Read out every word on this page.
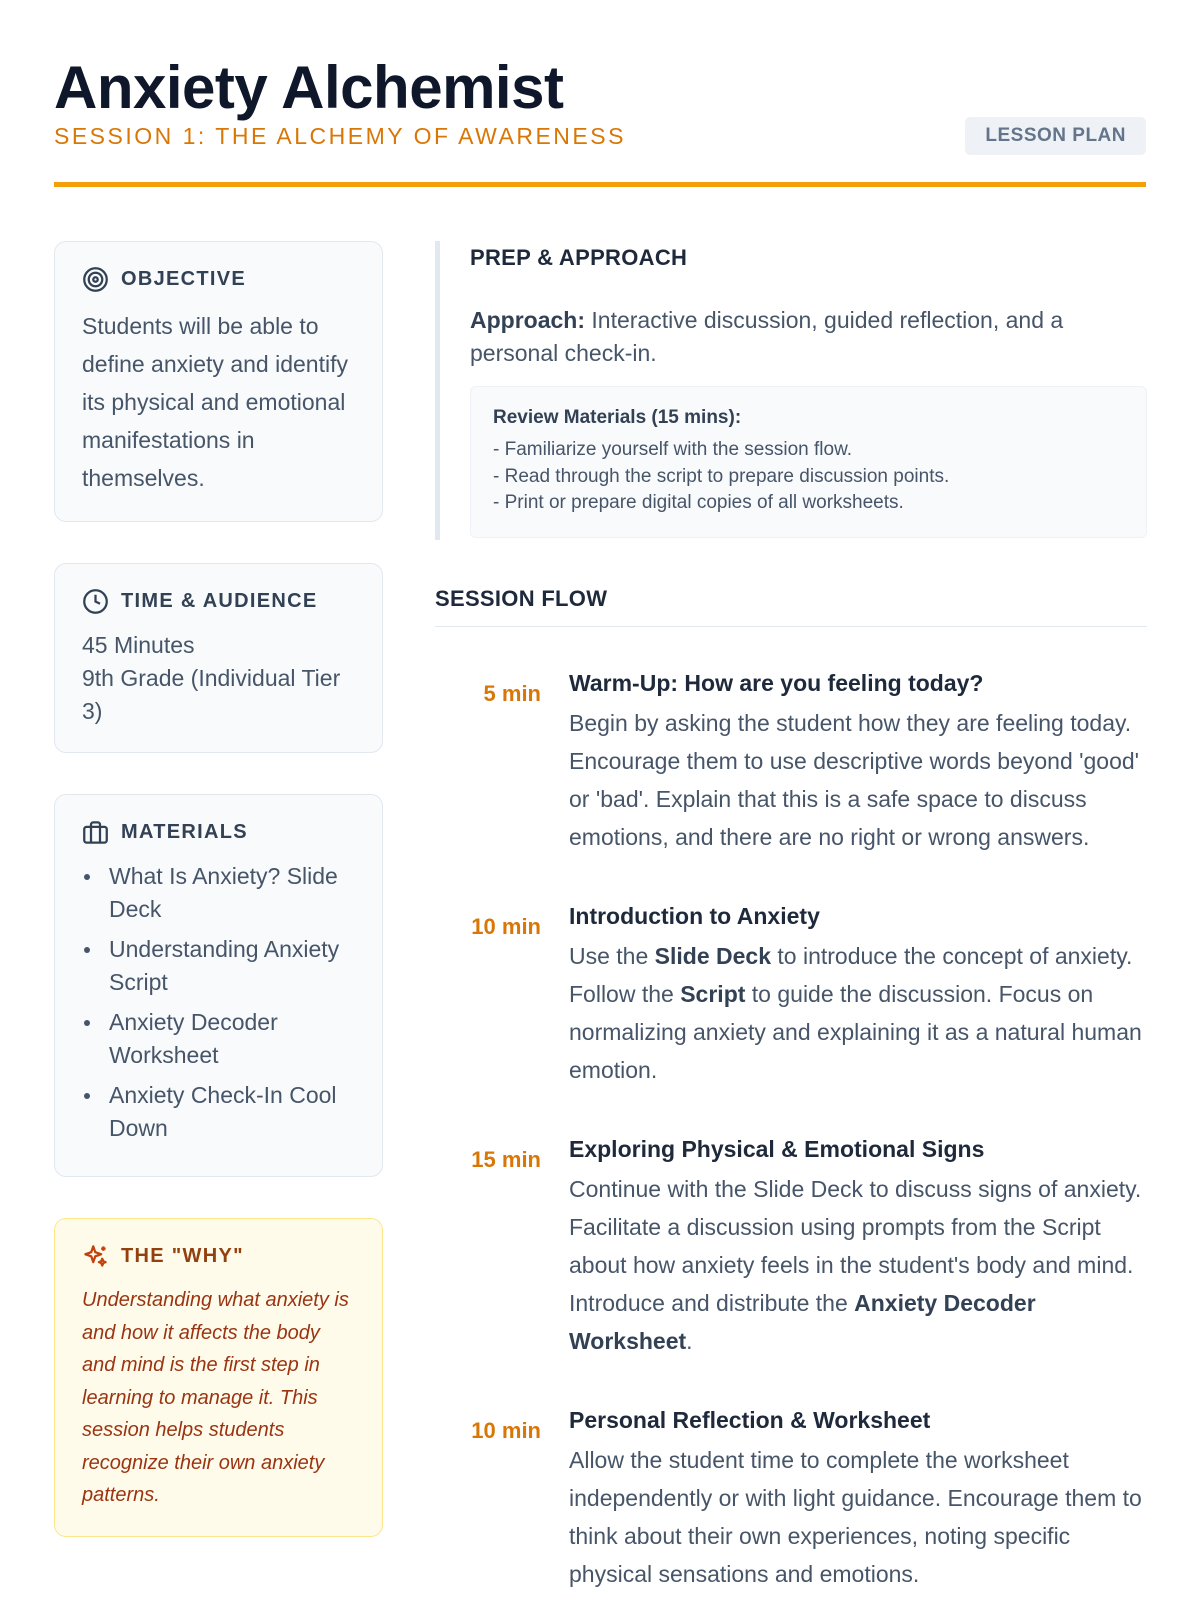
Anxiety Alchemist
SESSION 1: THE ALCHEMY OF AWARENESS	LESSON PLAN
OBJECTIVE
Students will be able to define anxiety and identify its physical and emotional manifestations in themselves.
TIME & AUDIENCE
45 Minutes
9th Grade (Individual Tier 3)
MATERIALS
What Is Anxiety? Slide Deck
Understanding Anxiety Script
Anxiety Decoder Worksheet
Anxiety Check-In Cool Down
THE "WHY"
Understanding what anxiety is and how it affects the body and mind is the first step in learning to manage it. This session helps students recognize their own anxiety patterns.
PREP & APPROACH
Approach: Interactive discussion, guided reflection, and a personal check-in.
Review Materials (15 mins):
- Familiarize yourself with the session flow.
- Read through the script to prepare discussion points.
- Print or prepare digital copies of all worksheets.
SESSION FLOW
5 min	Warm-Up: How are you feeling today?
Begin by asking the student how they are feeling today. Encourage them to use descriptive words beyond 'good' or 'bad'. Explain that this is a safe space to discuss emotions, and there are no right or wrong answers.
10 min	Introduction to Anxiety
Use the Slide Deck to introduce the concept of anxiety. Follow the Script to guide the discussion. Focus on normalizing anxiety and explaining it as a natural human emotion.
15 min	Exploring Physical & Emotional Signs
Continue with the Slide Deck to discuss signs of anxiety. Facilitate a discussion using prompts from the Script about how anxiety feels in the student's body and mind. Introduce and distribute the Anxiety Decoder Worksheet.
10 min	Personal Reflection & Worksheet
Allow the student time to complete the worksheet independently or with light guidance. Encourage them to think about their own experiences, noting specific physical sensations and emotions.
